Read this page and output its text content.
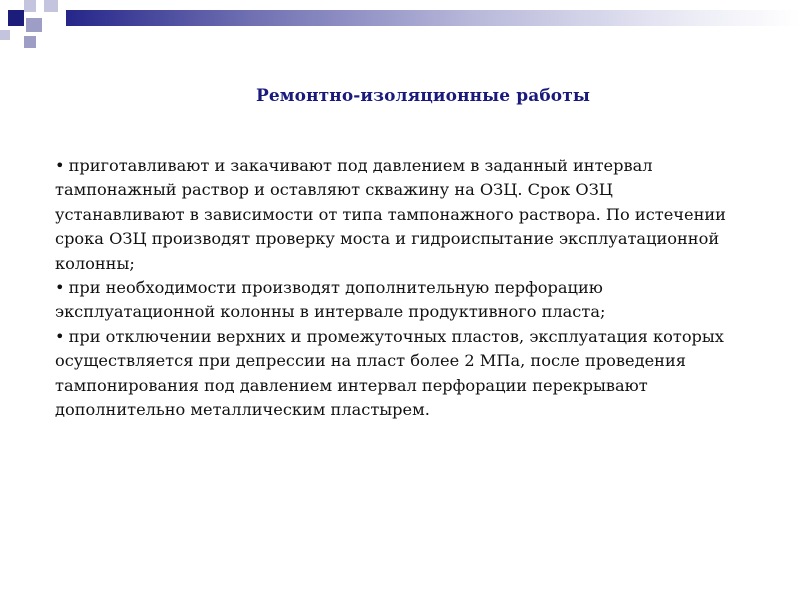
Ремонтно-изоляционные работы

• приготавливают и закачивают под давлением в заданный интервал тампонажный раствор и оставляют скважину на ОЗЦ. Срок ОЗЦ устанавливают в зависимости от типа тампонажного раствора. По истечении срока ОЗЦ производят проверку моста и гидроиспытание эксплуатационной колонны;

• при необходимости производят дополнительную перфорацию эксплуатационной колонны в интервале продуктивного пласта;

• при отключении верхних и промежуточных пластов, эксплуатация которых осуществляется при депрессии на пласт более 2 МПа, после проведения тампонирования под давлением интервал перфорации перекрывают дополнительно металлическим пластырем.
